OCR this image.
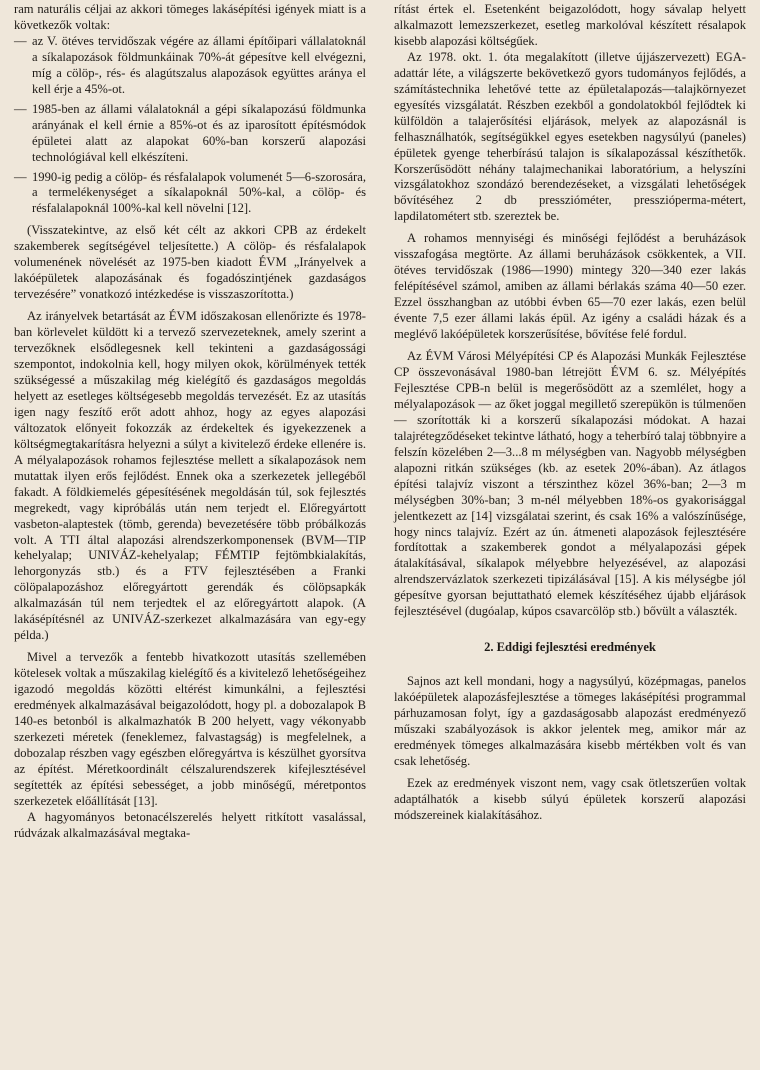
ram naturális céljai az akkori tömeges lakásépítési igények miatt is a következők voltak:

— az V. ötéves tervidőszak végére az állami építőipari vállalatoknál a síkalapozások földmunkáinak 70%-át gépesítve kell elvégezni, míg a cölöp-, rés- és alagútszalus alapozások együttes aránya el kell érje a 45%-ot.
— 1985-ben az állami válalatoknál a gépi síkalapozású földmunka arányának el kell érnie a 85%-ot és az iparosított építésmódok épületei alatt az alapokat 60%-ban korszerű alapozási technológiával kell elkészíteni.
— 1990-ig pedig a cölöp- és résfalalapok volumenét 5—6-szorosára, a termelékenységet a síkalapoknál 50%-kal, a cölöp- és résfalalapoknál 100%-kal kell növelni [12].

(Visszatekintve, az első két célt az akkori CPB az érdekelt szakemberek segítségével teljesítette.) A cölöp- és résfalalapok volumenének növelését az 1975-ben kiadott ÉVM „Irányelvek a lakóépületek alapozásának és fogadószintjének gazdaságos tervezésére” vonatkozó intézkedése is visszaszorította.)

Az irányelvek betartását az ÉVM időszakosan ellenőrizte és 1978-ban körlevelet küldött ki a tervező szervezeteknek, amely szerint a tervezőknek elsődlegesnek kell tekinteni a gazdaságossági szempontot, indokolnia kell, hogy milyen okok, körülmények tették szükségessé a műszakilag még kielégítő és gazdaságos megoldás helyett az esetleges költségesebb megoldás tervezését. Ez az utasítás igen nagy feszítő erőt adott ahhoz, hogy az egyes alapozási változatok előnyeit fokozzák az érdekeltek és igyekezzenek a költségmegtakarításra helyezni a súlyt a kivitelező érdeke ellenére is. A mélyalapozások rohamos fejlesztése mellett a síkalapozások nem mutattak ilyen erős fejlődést. Ennek oka a szerkezetek jellegéből fakadt. A földkiemelés gépesítésének megoldásán túl, sok fejlesztés megrekedt, vagy kipróbálás után nem terjedt el. Előregyártott vasbeton-alaptestek (tömb, gerenda) bevezetésére több próbálkozás volt. A TTI által alapozási alrendszerkomponensek (BVM—TIP kehelyalap; UNIVÁZ-kehelyalap; FÉMTIP fejtömbkialakítás, lehorgonyzás stb.) és a FTV fejlesztésében a Franki cölöpalapozáshoz előregyártott gerendák és cölöpsapkák alkalmazásán túl nem terjedtek el az előregyártott alapok. (A lakásépítésnél az UNIVÁZ-szerkezet alkalmazására van egy-egy példa.)

Mivel a tervezők a fentebb hivatkozott utasítás szellemében kötelesek voltak a műszakilag kielégítő és a kivitelező lehetőségeihez igazodó megoldás közötti eltérést kimunkálni, a fejlesztési eredmények alkalmazásával beigazolódott, hogy pl. a dobozalapok B 140-es betonból is alkalmazhatók B 200 helyett, vagy vékonyabb szerkezeti méretek (feneklemez, falvastagság) is megfelelnek, a dobozalap részben vagy egészben előregyártva is készülhet gyorsítva az építést. Méretkoordinált célszalurendszerek kifejlesztésével segítették az építési sebességet, a jobb minőségű, méretpontos szerkezetek előállítását [13].

A hagyományos betonacélszerelés helyett ritkított vasalással, rúdvázak alkalmazásával megtaka-

rítást értek el. Esetenként beigazolódott, hogy sávalap helyett alkalmazott lemezszerkezet, esetleg markolóval készített résalapok kisebb alapozási költségűek.

Az 1978. okt. 1. óta megalakított (illetve újjászervezett) EGA-adattár léte, a világszerte bekövetkező gyors tudományos fejlődés, a számítástechnika lehetővé tette az épületalapozás—talajkörnyezet egyesítés vizsgálatát. Részben ezekből a gondolatokból fejlődtek ki külföldön a talajerősítési eljárások, melyek az alapozásnál is felhasználhatók, segítségükkel egyes esetekben nagysúlyú (paneles) épületek gyenge teherbírású talajon is síkalapozással készíthetők. Korszerűsödött néhány talajmechanikai laboratórium, a helyszíni vizsgálatokhoz szondázó berendezéseket, a vizsgálati lehetőségek bővítéséhez 2 db presszióméter, presszióperma-métert, lapdilatométert stb. szereztek be.

A rohamos mennyiségi és minőségi fejlődést a beruházások visszafogása megtörte. Az állami beruházások csökkentek, a VII. ötéves tervidőszak (1986—1990) mintegy 320—340 ezer lakás felépítésével számol, amiben az állami bérlakás száma 40—50 ezer. Ezzel összhangban az utóbbi évben 65—70 ezer lakás, ezen belül évente 7,5 ezer állami lakás épül. Az igény a családi házak és a meglévő lakóépületek korszerűsítése, bővítése felé fordul.

Az ÉVM Városi Mélyépítési CP és Alapozási Munkák Fejlesztése CP összevonásával 1980-ban létrejött ÉVM 6. sz. Mélyépítés Fejlesztése CPB-n belül is megerősödött az a szemlélet, hogy a mélyalapozások — az őket joggal megillető szerepükön is túlmenően — szorították ki a korszerű síkalapozási módokat. A hazai talajrétegződéseket tekintve látható, hogy a teherbíró talaj többnyire a felszín közelében 2—3...8 m mélységben van. Nagyobb mélységben alapozni ritkán szükséges (kb. az esetek 20%-ában). Az átlagos építési talajvíz viszont a térszinthez közel 36%-ban; 2—3 m mélységben 30%-ban; 3 m-nél mélyebben 18%-os gyakorisággal jelentkezett az [14] vizsgálatai szerint, és csak 16% a valószínűsége, hogy nincs talajvíz. Ezért az ún. átmeneti alapozások fejlesztésére fordítottak a szakemberek gondot a mélyalapozási gépek átalakításával, síkalapok mélyebbre helyezésével, az alapozási alrendszervázlatok szerkezeti tipizálásával [15]. A kis mélységbe jól gépesítve gyorsan bejuttatható elemek készítéséhez újabb eljárások fejlesztésével (dugóalap, kúpos csavarcölöp stb.) bővült a választék.

2. Eddigi fejlesztési eredmények

Sajnos azt kell mondani, hogy a nagysúlyú, középmagas, panelos lakóépületek alapozásfejlesztése a tömeges lakásépítési programmal párhuzamosan folyt, így a gazdaságosabb alapozást eredményező műszaki szabályozások is akkor jelentek meg, amikor már az eredmények tömeges alkalmazására kisebb mértékben volt és van csak lehetőség.

Ezek az eredmények viszont nem, vagy csak ötletszerűen voltak adaptálhatók a kisebb súlyú épületek korszerű alapozási módszereinek kialakításához.
